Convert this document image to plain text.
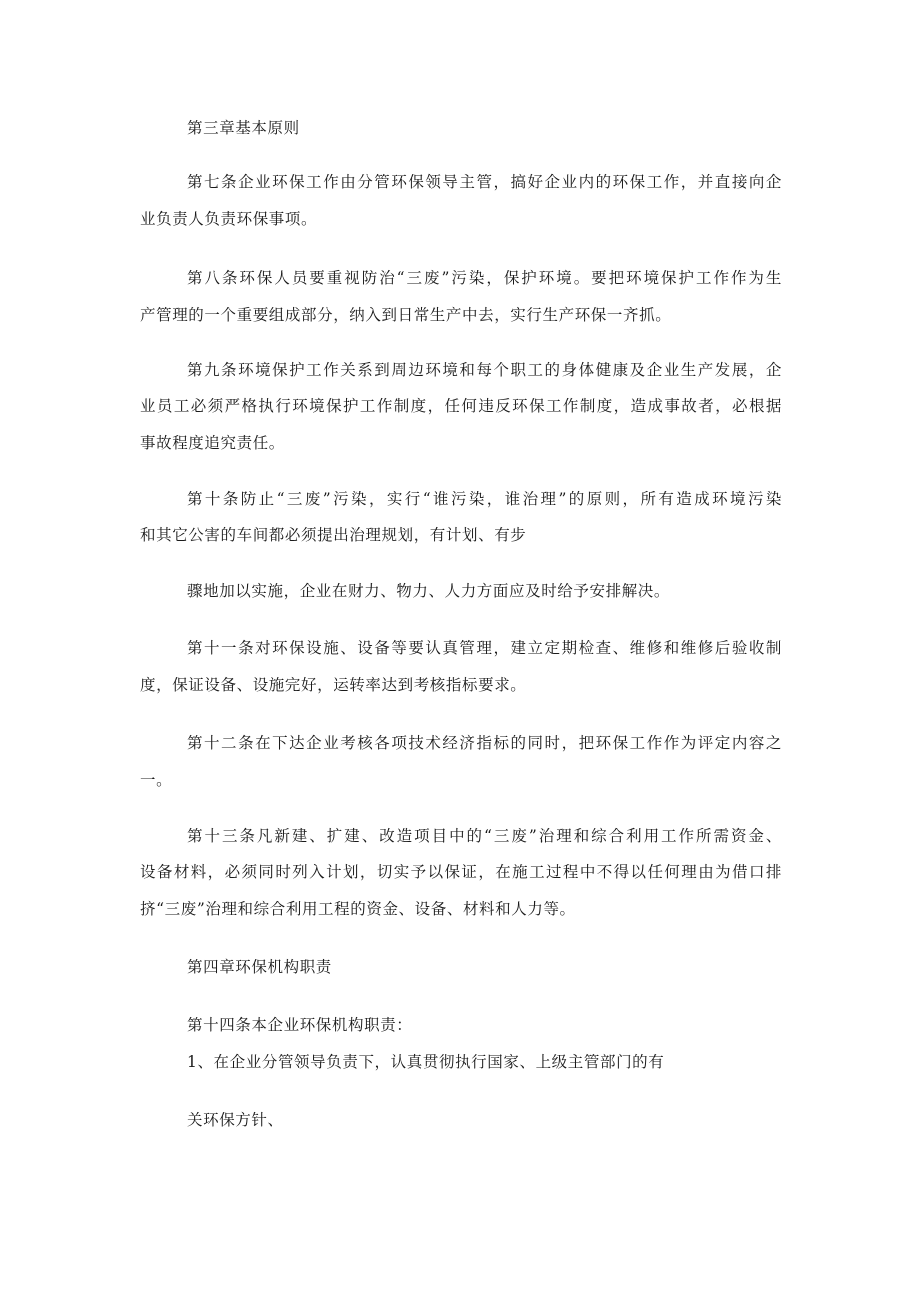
第三章基本原则

第七条企业环保工作由分管环保领导主管，搞好企业内的环保工作，并直接向企

业负责人负责环保事项。

第八条环保人员要重视防治“三废”污染，保护环境。要把环境保护工作作为生

产管理的一个重要组成部分，纳入到日常生产中去，实行生产环保一齐抓。

第九条环境保护工作关系到周边环境和每个职工的身体健康及企业生产发展，企

业员工必须严格执行环境保护工作制度，任何违反环保工作制度，造成事故者，必根据

事故程度追究责任。

第十条防止“三废”污染，实行“谁污染，谁治理”的原则，所有造成环境污染

和其它公害的车间都必须提出治理规划，有计划、有步

骤地加以实施，企业在财力、物力、人力方面应及时给予安排解决。

第十一条对环保设施、设备等要认真管理，建立定期检查、维修和维修后验收制

度，保证设备、设施完好，运转率达到考核指标要求。

第十二条在下达企业考核各项技术经济指标的同时，把环保工作作为评定内容之

一。

第十三条凡新建、扩建、改造项目中的“三废”治理和综合利用工作所需资金、

设备材料，必须同时列入计划，切实予以保证，在施工过程中不得以任何理由为借口排

挤“三废”治理和综合利用工程的资金、设备、材料和人力等。

第四章环保机构职责

第十四条本企业环保机构职责：

1、在企业分管领导负责下，认真贯彻执行国家、上级主管部门的有

关环保方针、
